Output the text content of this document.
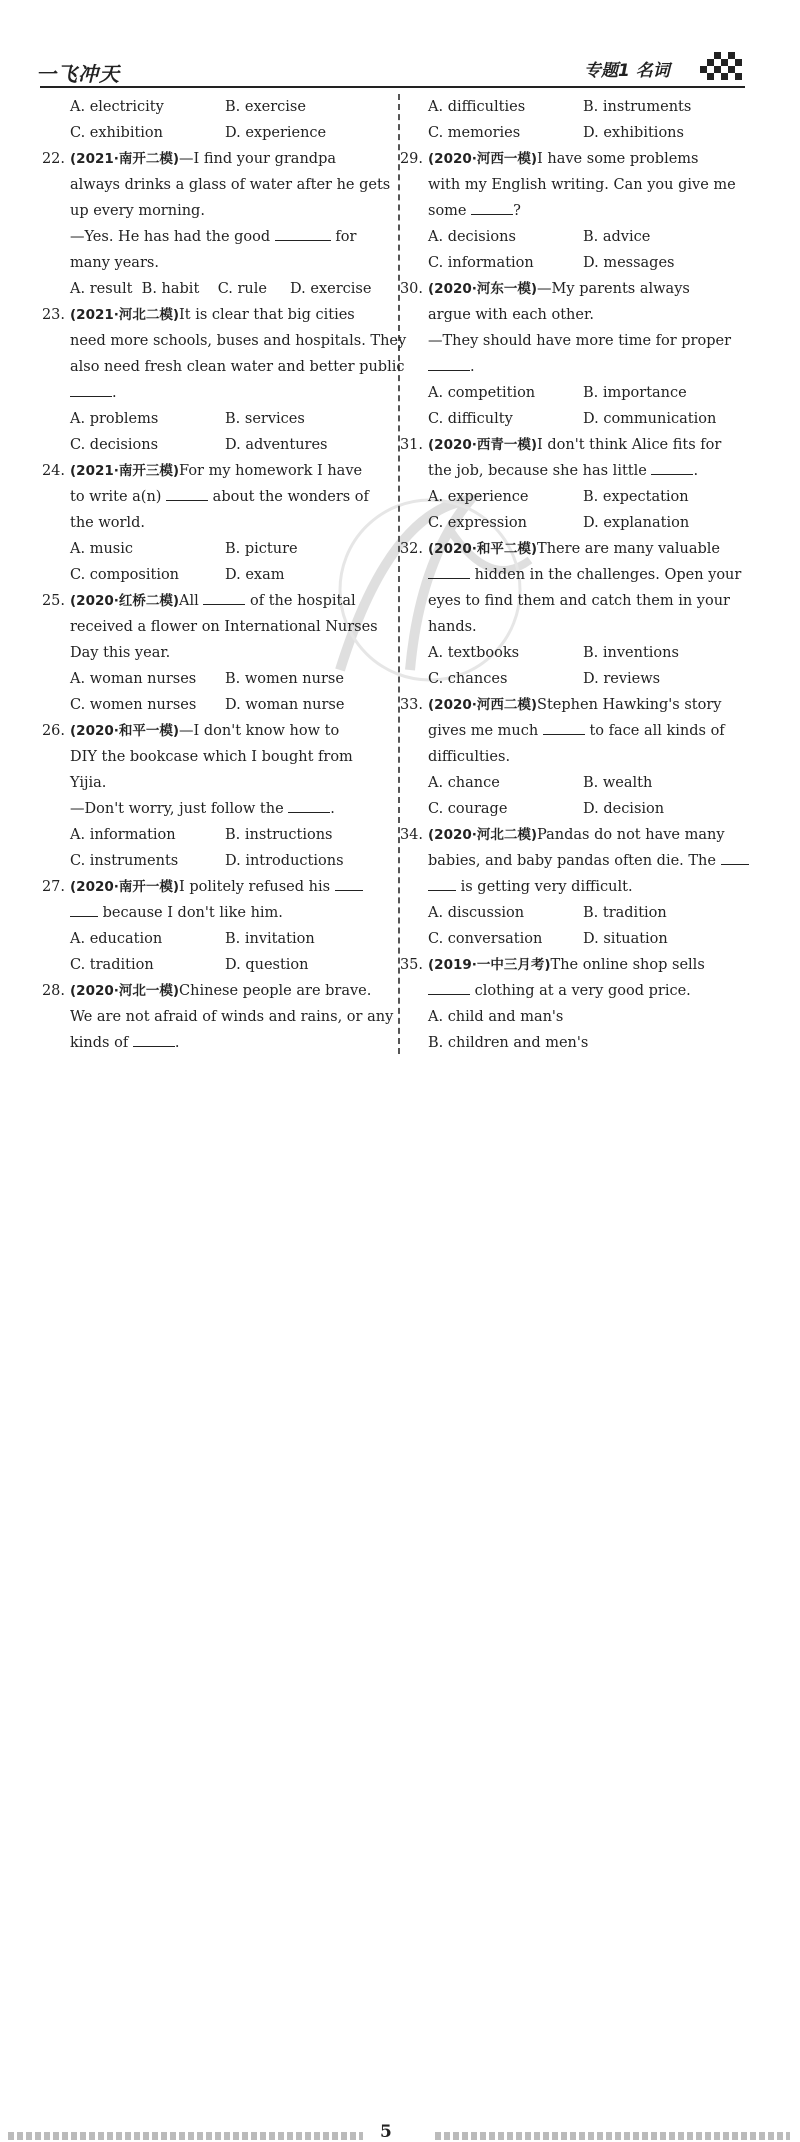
一飞冲天	专题1 名词
A. electricity	B. exercise
C. exhibition	D. experience
22. (2021·南开二模)—I find your grandpa
always drinks a glass of water after he gets
up every morning.
—Yes. He has had the good	for
many years.
A. result  B. habit    C. rule     D. exercise
23. (2021·河北二模)It is clear that big cities
need more schools, buses and hospitals. They
also need fresh clean water and better public
.
A. problems	B. services
C. decisions	D. adventures
24. (2021·南开三模)For my homework I have
to write a(n)	about the wonders of
the world.
A. music	B. picture
C. composition	D. exam
25. (2020·红桥二模)All	of the hospital
received a flower on International Nurses
Day this year.
A. woman nurses	B. women nurse
C. women nurses	D. woman nurse
26. (2020·和平一模)—I don't know how to
DIY the bookcase which I bought from
Yijia.
—Don't worry, just follow the	.
A. information	B. instructions
C. instruments	D. introductions
27. (2020·南开一模)I politely refused his
because I don't like him.
A. education	B. invitation
C. tradition	D. question
28. (2020·河北一模)Chinese people are brave.
We are not afraid of winds and rains, or any
kinds of	.
A. difficulties	B. instruments
C. memories	D. exhibitions
29. (2020·河西一模)I have some problems
with my English writing. Can you give me
some	?
A. decisions	B. advice
C. information	D. messages
30. (2020·河东一模)—My parents always
argue with each other.
—They should have more time for proper
.
A. competition	B. importance
C. difficulty	D. communication
31. (2020·西青一模)I don't think Alice fits for
the job, because she has little	.
A. experience	B. expectation
C. expression	D. explanation
32. (2020·和平二模)There are many valuable
hidden in the challenges. Open your
eyes to find them and catch them in your
hands.
A. textbooks	B. inventions
C. chances	D. reviews
33. (2020·河西二模)Stephen Hawking's story
gives me much	to face all kinds of
difficulties.
A. chance	B. wealth
C. courage	D. decision
34. (2020·河北二模)Pandas do not have many
babies, and baby pandas often die. The
is getting very difficult.
A. discussion	B. tradition
C. conversation	D. situation
35. (2019·一中三月考)The online shop sells
clothing at a very good price.
A. child and man's
B. children and men's
5
